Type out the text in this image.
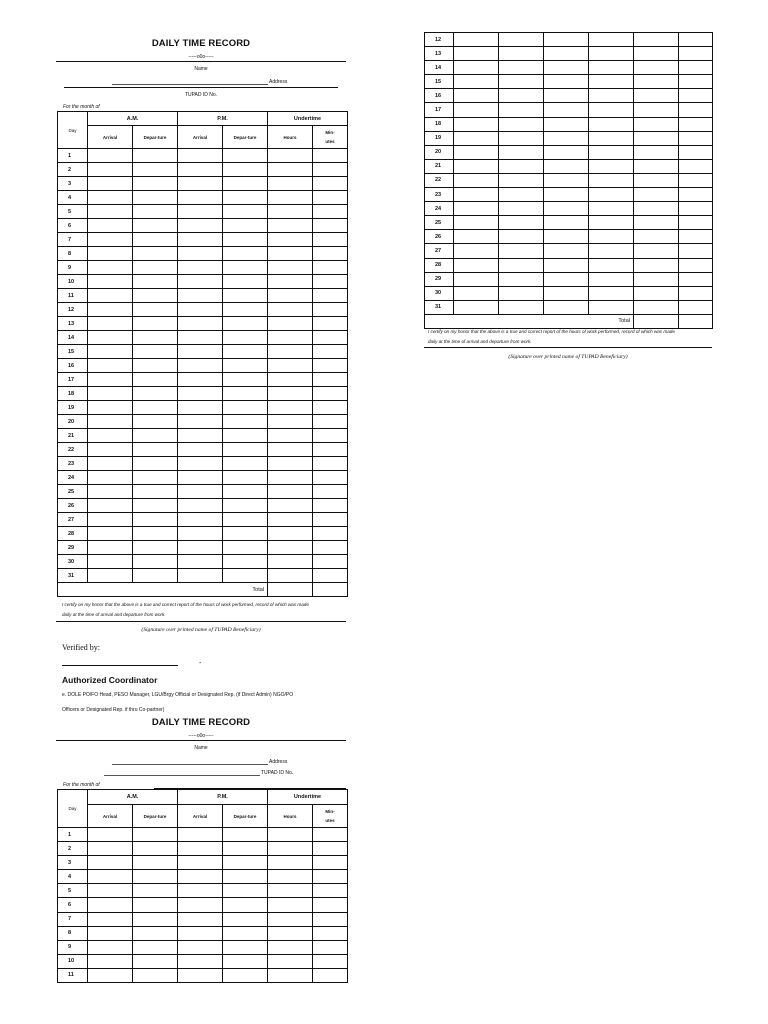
DAILY TIME RECORD
-----o0o-----
Name
Address
TUPAD ID No.
For the month of
Day	A.M.		P.M.		Undertime	
	Arrival	Depar-ture	Arrival	Depar-ture	Hours	Min-
utes
1						
2						
3						
4						
5						
6						
7						
8						
9						
10						
11						
12						
13						
14						
15						
16						
17						
18						
19						
20						
21						
22						
23						
24						
25						
26						
27						
28						
29						
30						
31						
Total						
I certify on my honor that the above is a true and correct report of the hours of work performed, record of which was made
daily at the time of arrival and departure from work.
(Signature over printed name of TUPAD Beneficiary)
Verified by:
-
Authorized Coordinator
e. DOLE PO/FO Head, PESO Manager, LGU/Brgy Official or Designated Rep. (if Direct Admin) NGO/PO
Officers or Designated Rep. if thru Co-partner)
DAILY TIME RECORD
-----o0o-----
Name
Address
TUPAD ID No.
For the month of
Day	A.M.		P.M.		Undertime	
	Arrival	Depar-ture	Arrival	Depar-ture	Hours	Min-
utes
1						
2						
3						
4						
5						
6						
7						
8						
9						
10						
11						
12						
13						
14						
15						
16						
17						
18						
19						
20						
21						
22						
23						
24						
25						
26						
27						
28						
29						
30						
31						
Total						
I certify on my honor that the above is a true and correct report of the hours of work performed, record of which was made
daily at the time of arrival and departure from work.
(Signature over printed name of TUPAD Beneficiary)
